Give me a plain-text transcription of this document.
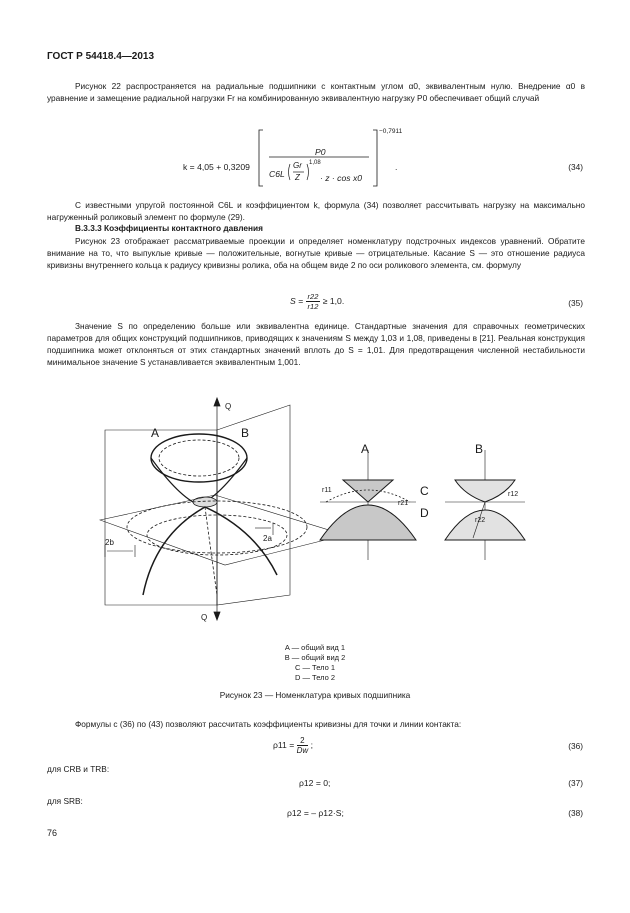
ГОСТ Р 54418.4—2013
Рисунок 22 распространяется на радиальные подшипники с контактным углом α0, эквивалентным нулю. Внедрение α0 в уравнение и замещение радиальной нагрузки Fr на комбинированную эквивалентную нагрузку P0 обеспечивает общий случай
k = 4,05 + 0,3209
P0
C6L
Gr
Z
1,08
· z · cos x0
−0,7911
.	(34)
С известными упругой постоянной C6L и коэффициентом k, формула (34) позволяет рассчитывать нагрузку на максимально нагруженный роликовый элемент по формуле (29).
В.3.3.3 Коэффициенты контактного давления
Рисунок 23 отображает рассматриваемые проекции и определяет номенклатуру подстрочных индексов уравнений. Обратите внимание на то, что выпуклые кривые — положительные, вогнутые кривые — отрицательные. Касание S — это отношение радиуса кривизны внутреннего кольца к радиусу кривизны ролика, оба на общем виде 2 по оси роликового элемента, см. формулу
$S = \frac{r22}{r12} \ge 1,0$.	(35)
Значение S по определению больше или эквивалентна единице. Стандартные значения для справочных геометрических параметров для общих конструкций подшипников, приводящих к значениям S между 1,03 и 1,08, приведены в [21]. Реальная конструкция подшипника может отклоняться от этих стандартных значений вплоть до S = 1,01. Для предотвращения численной нестабильности минимальное значение S устанавливается эквивалентным 1,001.
A	B
Q
Q
2b	2a
A	B
C
D
r11
r21
r12
r22
A — общий вид 1
B — общий вид 2
C — Тело 1
D — Тело 2
Рисунок 23 — Номенклатура кривых подшипника
Формулы с (36) по (43) позволяют рассчитать коэффициенты кривизны для точки и линии контакта:
$\rho 11 = \frac{2}{Dw}$ ;	(36)
для CRB и TRB:
ρ12 = 0;	(37)
для SRB:
ρ12 = – ρ12·S;	(38)
76
